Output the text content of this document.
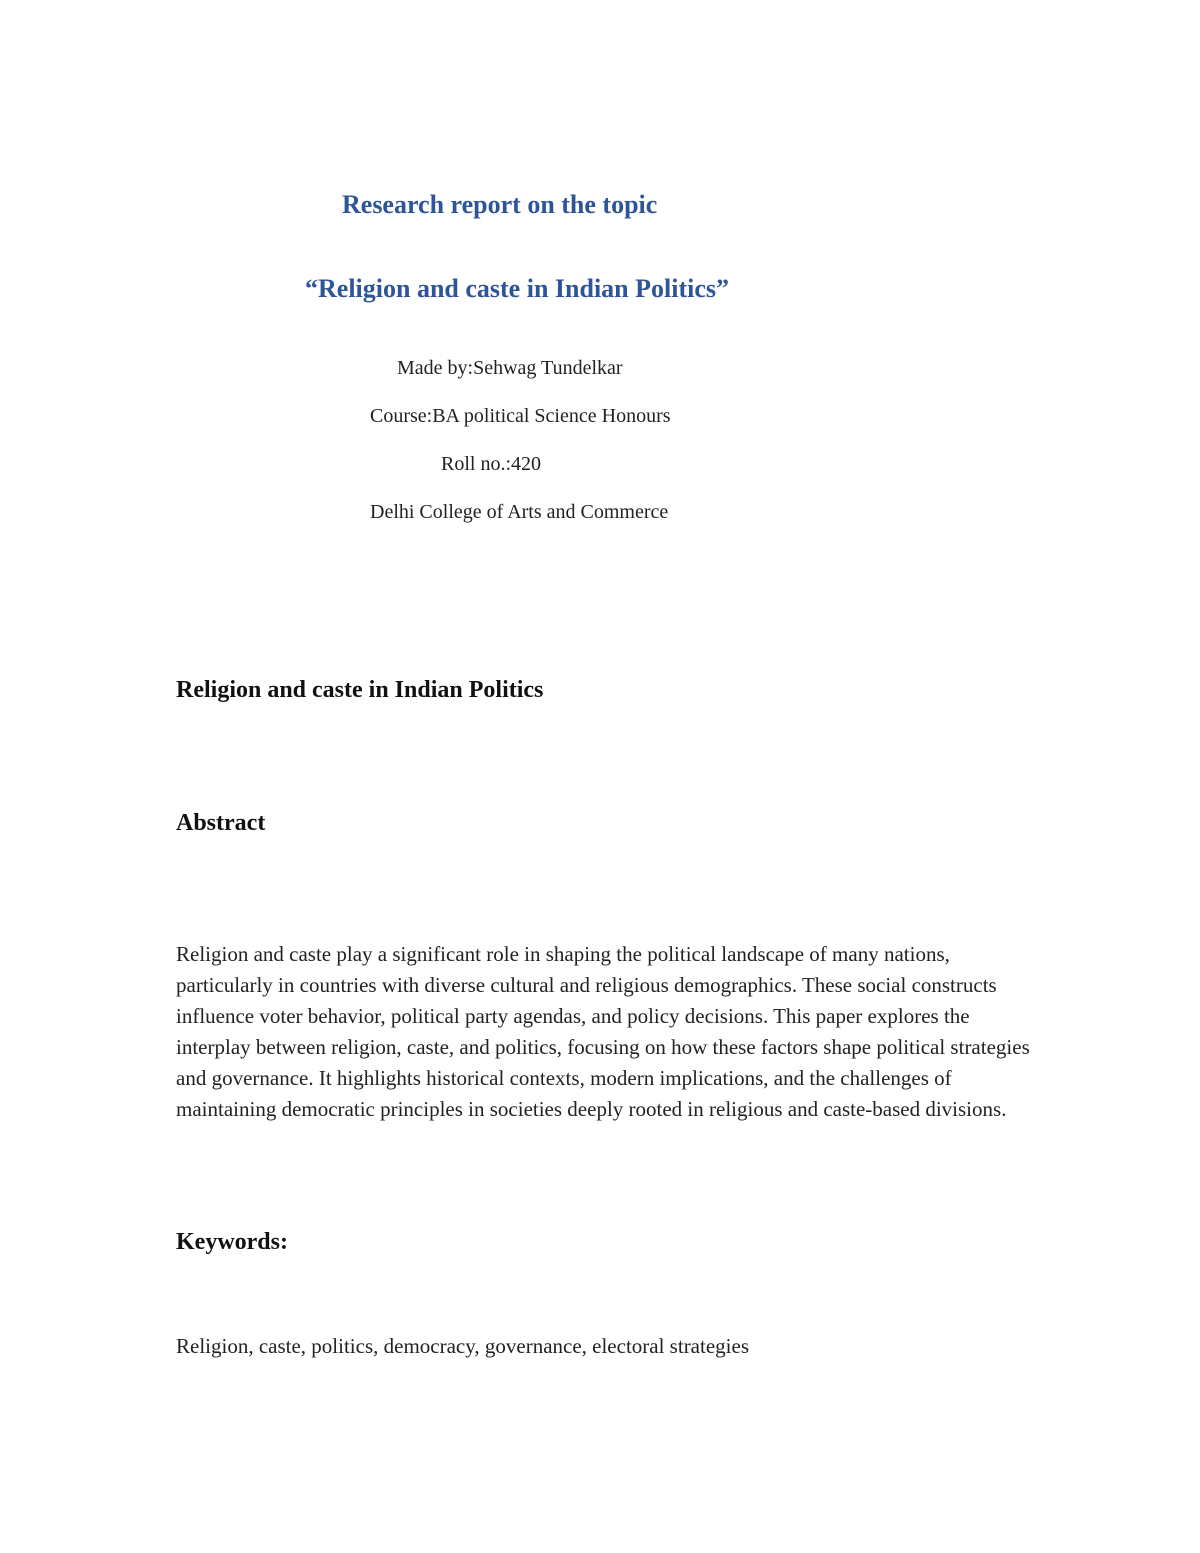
Research report on the topic
“Religion and caste in Indian Politics”
Made by:Sehwag Tundelkar
Course:BA political Science Honours
Roll no.:420
Delhi College of Arts and Commerce
Religion and caste in Indian Politics
Abstract
Religion and caste play a significant role in shaping the political landscape of many nations, particularly in countries with diverse cultural and religious demographics. These social constructs influence voter behavior, political party agendas, and policy decisions. This paper explores the interplay between religion, caste, and politics, focusing on how these factors shape political strategies and governance. It highlights historical contexts, modern implications, and the challenges of maintaining democratic principles in societies deeply rooted in religious and caste-based divisions.
Keywords:
Religion, caste, politics, democracy, governance, electoral strategies
